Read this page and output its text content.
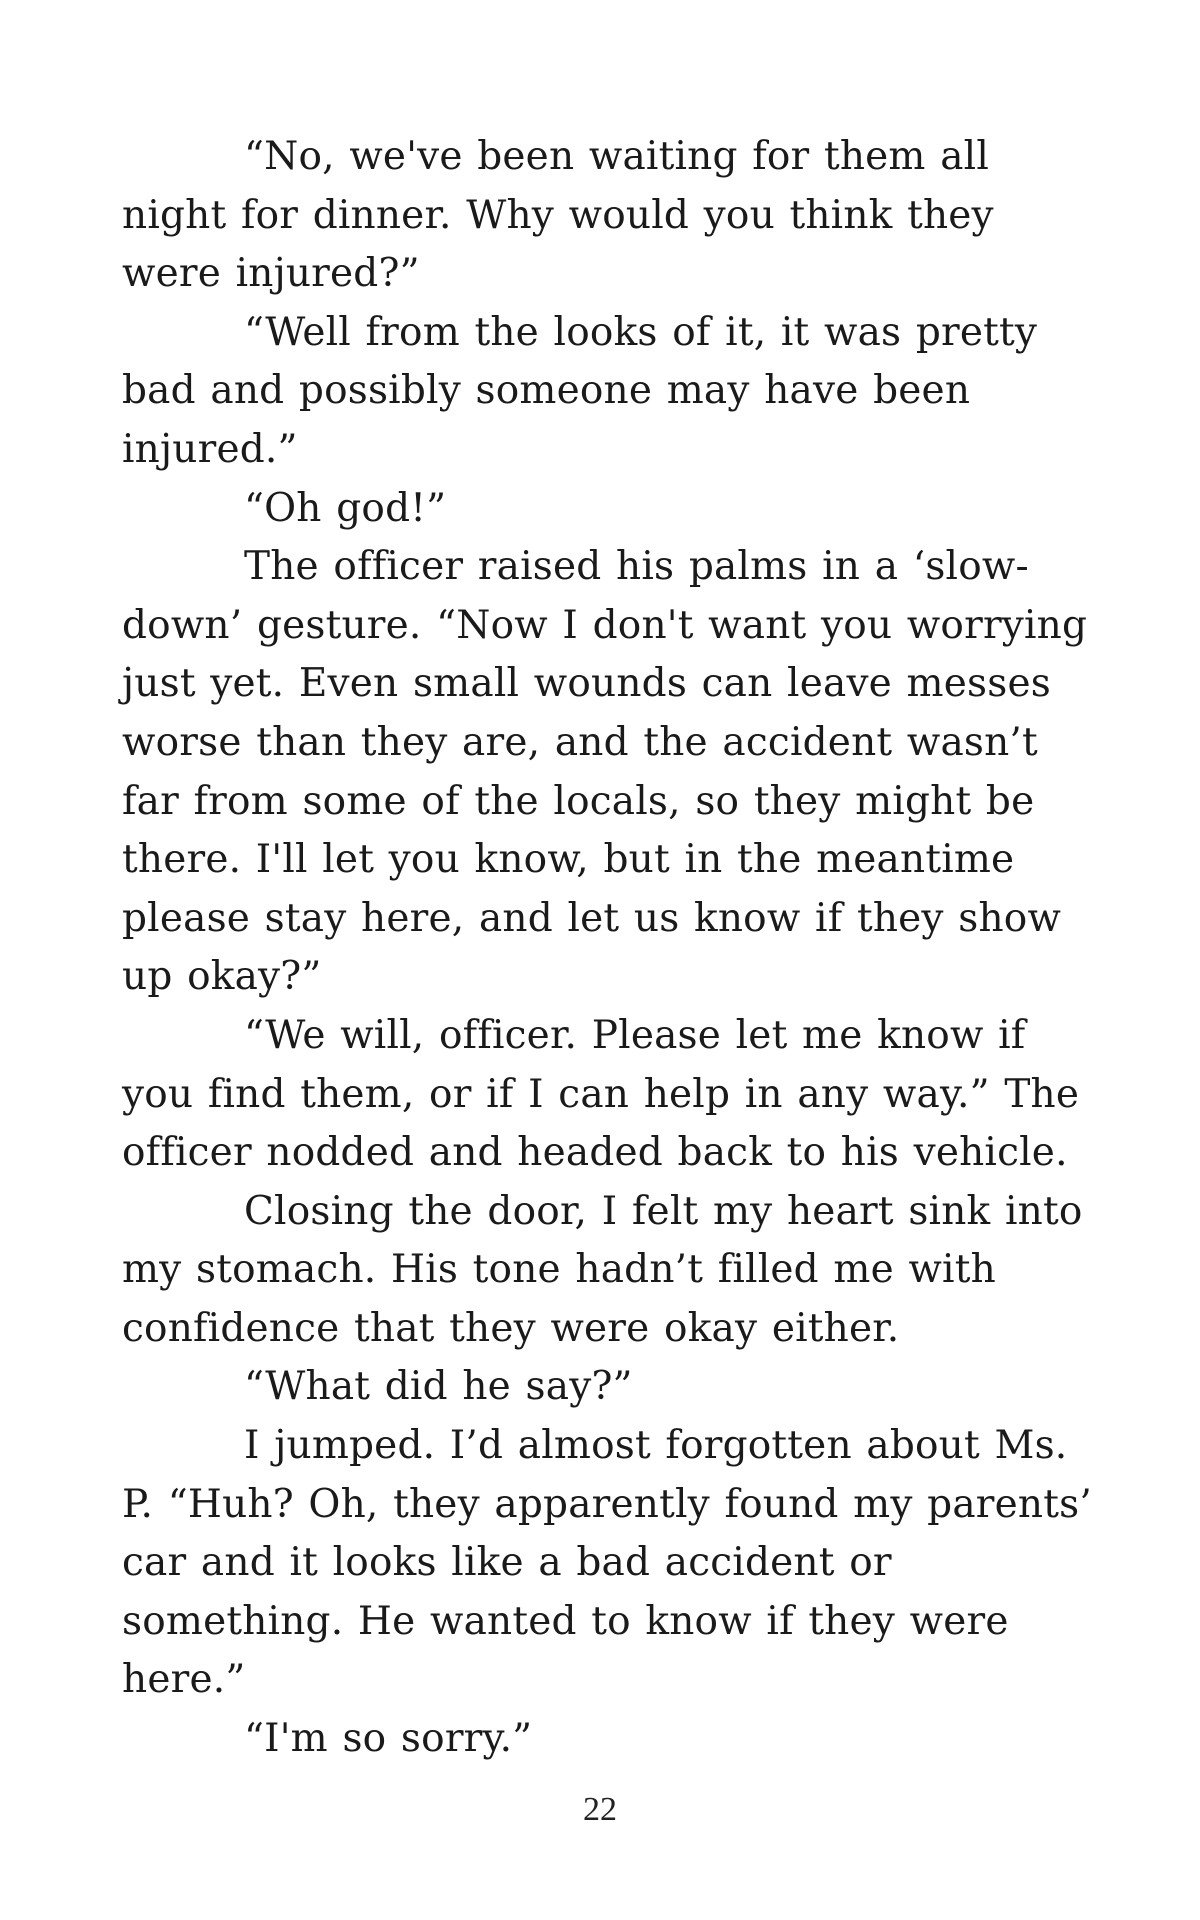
“No, we've been waiting for them all night for dinner. Why would you think they were injured?”

“Well from the looks of it, it was pretty bad and possibly someone may have been injured.”

“Oh god!”

The officer raised his palms in a ‘slow-down’ gesture. “Now I don't want you worrying just yet. Even small wounds can leave messes worse than they are, and the accident wasn’t far from some of the locals, so they might be there. I'll let you know, but in the meantime please stay here, and let us know if they show up okay?”

“We will, officer. Please let me know if you find them, or if I can help in any way.” The officer nodded and headed back to his vehicle.

Closing the door, I felt my heart sink into my stomach. His tone hadn’t filled me with confidence that they were okay either.

“What did he say?”

I jumped. I’d almost forgotten about Ms. P. “Huh? Oh, they apparently found my parents’ car and it looks like a bad accident or something. He wanted to know if they were here.”

“I'm so sorry.”

22
